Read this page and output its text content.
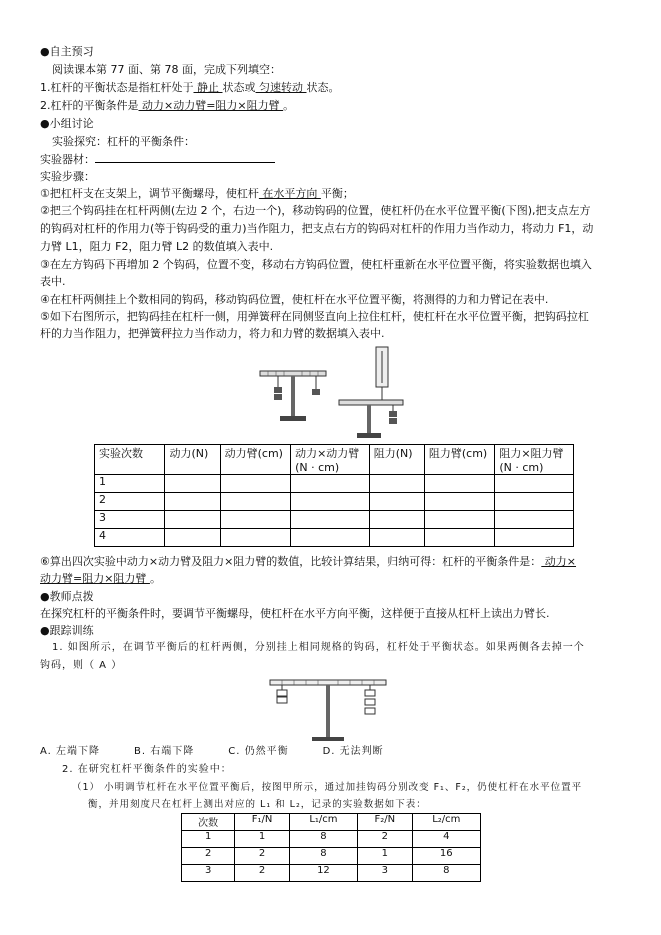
●自主预习
阅读课本第 77 面、第 78 面，完成下列填空：
1.杠杆的平衡状态是指杠杆处于 静止 状态或 匀速转动 状态。
2.杠杆的平衡条件是 动力×动力臂=阻力×阻力臂 。
●小组讨论
实验探究：杠杆的平衡条件：
实验器材：
实验步骤：
①把杠杆支在支架上，调节平衡螺母，使杠杆 在水平方向 平衡；
②把三个钩码挂在杠杆两侧(左边 2 个，右边一个)，移动钩码的位置，使杠杆仍在水平位置平衡(下图),把支点左方
的钩码对杠杆的作用力(等于钩码受的重力)当作阻力，把支点右方的钩码对杠杆的作用力当作动力，将动力 F1，动
力臂 L1，阻力 F2，阻力臂 L2 的数值填入表中.
③在左方钩码下再增加 2 个钩码，位置不变，移动右方钩码位置，使杠杆重新在水平位置平衡，将实验数据也填入
表中.
④在杠杆两侧挂上个数相同的钩码，移动钩码位置，使杠杆在水平位置平衡，将测得的力和力臂记在表中.
⑤如下右图所示，把钩码挂在杠杆一侧，用弹簧秤在同侧竖直向上拉住杠杆，使杠杆在水平位置平衡，把钩码拉杠
杆的力当作阻力，把弹簧秤拉力当作动力，将力和力臂的数据填入表中.
实验次数	动力(N)	动力臂(cm)	动力×动力臂(N · cm)	阻力(N)	阻力臂(cm)	阻力×阻力臂(N · cm)
1						
2						
3						
4						
⑥算出四次实验中动力×动力臂及阻力×阻力臂的数值，比较计算结果，归纳可得：杠杆的平衡条件是： 动力×
动力臂=阻力×阻力臂 。
●教师点拨
在探究杠杆的平衡条件时，要调节平衡螺母，使杠杆在水平方向平衡，这样便于直接从杠杆上读出力臂长.
●跟踪训练
1. 如图所示，在调节平衡后的杠杆两侧，分别挂上相同规格的钩码，杠杆处于平衡状态。如果两侧各去掉一个
钩码，则（ A ）
A. 左端下降	B. 右端下降	C. 仍然平衡	D. 无法判断
2. 在研究杠杆平衡条件的实验中：
（1） 小明调节杠杆在水平位置平衡后，按图甲所示，通过加挂钩码分别改变 F₁、F₂，仍使杠杆在水平位置平
衡，并用刻度尺在杠杆上测出对应的 L₁ 和 L₂，记录的实验数据如下表：
次数	F₁/N	L₁/cm	F₂/N	L₂/cm
1	1	8	2	4
2	2	8	1	16
3	2	12	3	8
